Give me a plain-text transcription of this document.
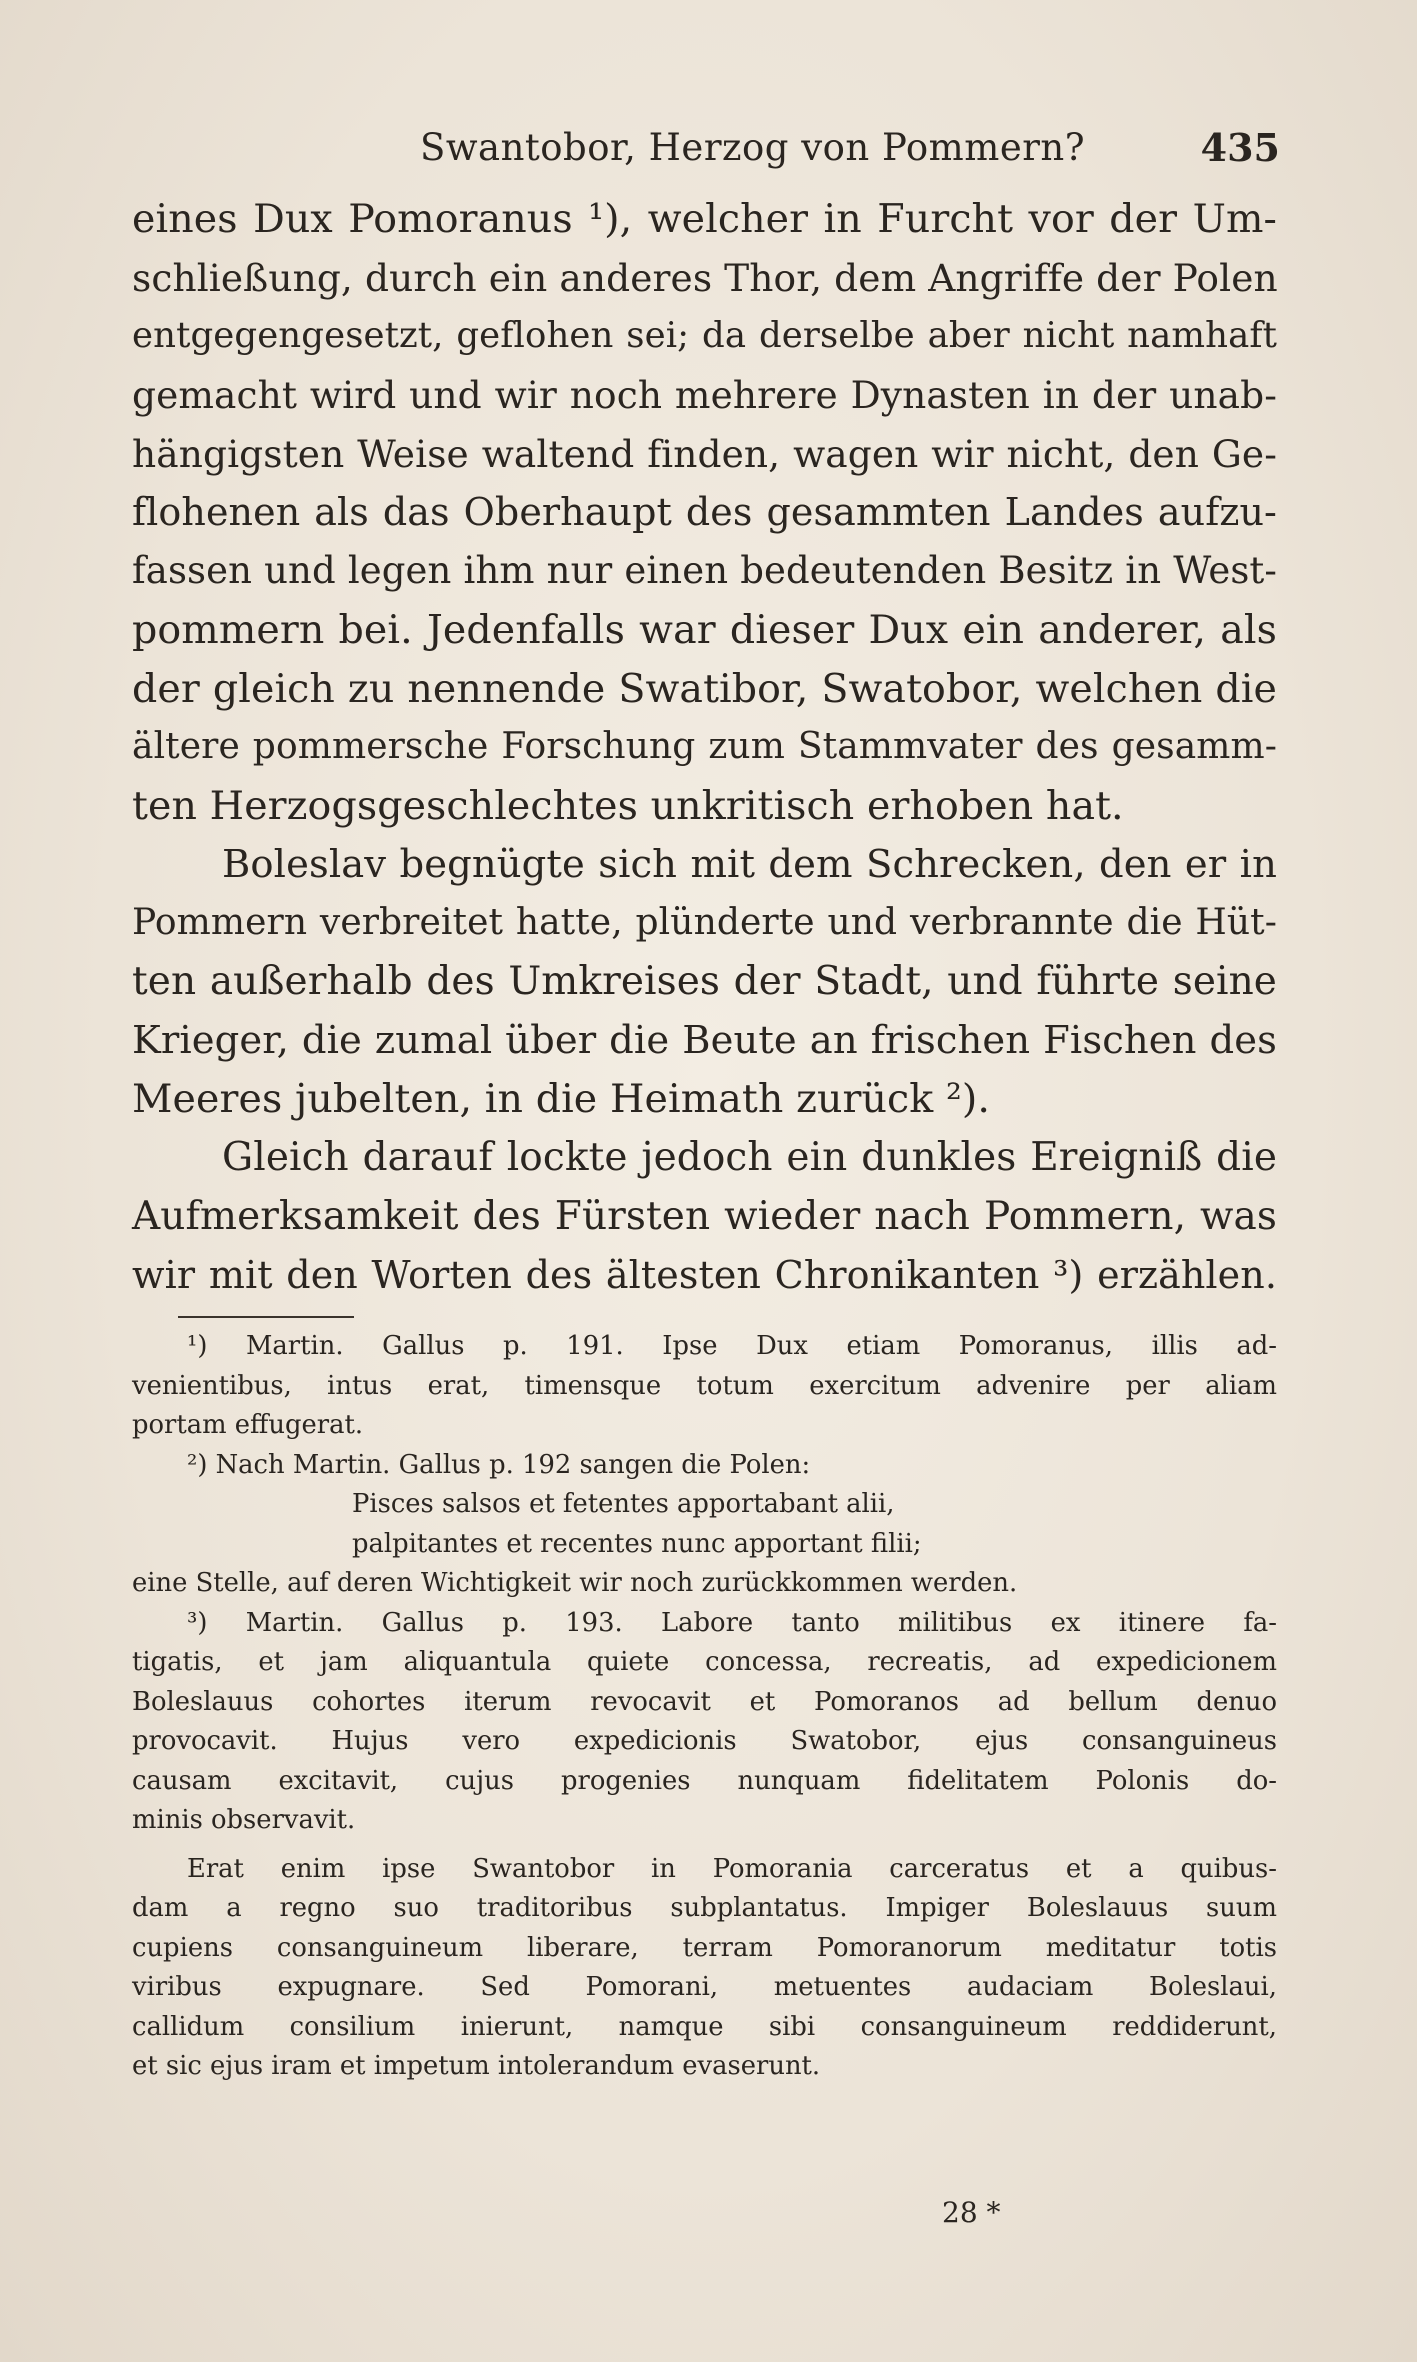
Swantobor, Herzog von Pommern?	435
eines Dux Pomoranus ¹), welcher in Furcht vor der Um-
schließung, durch ein anderes Thor, dem Angriffe der Polen
entgegengesetzt, geflohen sei; da derselbe aber nicht namhaft
gemacht wird und wir noch mehrere Dynasten in der unab-
hängigsten Weise waltend finden, wagen wir nicht, den Ge-
flohenen als das Oberhaupt des gesammten Landes aufzu-
fassen und legen ihm nur einen bedeutenden Besitz in West-
pommern bei. Jedenfalls war dieser Dux ein anderer, als
der gleich zu nennende Swatibor, Swatobor, welchen die
ältere pommersche Forschung zum Stammvater des gesamm-
ten Herzogsgeschlechtes unkritisch erhoben hat.
Boleslav begnügte sich mit dem Schrecken, den er in
Pommern verbreitet hatte, plünderte und verbrannte die Hüt-
ten außerhalb des Umkreises der Stadt, und führte seine
Krieger, die zumal über die Beute an frischen Fischen des
Meeres jubelten, in die Heimath zurück ²).
Gleich darauf lockte jedoch ein dunkles Ereigniß die
Aufmerksamkeit des Fürsten wieder nach Pommern, was
wir mit den Worten des ältesten Chronikanten ³) erzählen.
¹) Martin. Gallus p. 191. Ipse Dux etiam Pomoranus, illis ad-
venientibus, intus erat, timensque totum exercitum advenire per aliam
portam effugerat.
²) Nach Martin. Gallus p. 192 sangen die Polen:
Pisces salsos et fetentes apportabant alii,
palpitantes et recentes nunc apportant filii;
eine Stelle, auf deren Wichtigkeit wir noch zurückkommen werden.
³) Martin. Gallus p. 193. Labore tanto militibus ex itinere fa-
tigatis, et jam aliquantula quiete concessa, recreatis, ad expedicionem
Boleslauus cohortes iterum revocavit et Pomoranos ad bellum denuo
provocavit. Hujus vero expedicionis Swatobor, ejus consanguineus
causam excitavit, cujus progenies nunquam fidelitatem Polonis do-
minis observavit.
Erat enim ipse Swantobor in Pomorania carceratus et a quibus-
dam a regno suo traditoribus subplantatus. Impiger Boleslauus suum
cupiens consanguineum liberare, terram Pomoranorum meditatur totis
viribus expugnare. Sed Pomorani, metuentes audaciam Boleslaui,
callidum consilium inierunt, namque sibi consanguineum reddiderunt,
et sic ejus iram et impetum intolerandum evaserunt.
28 *
